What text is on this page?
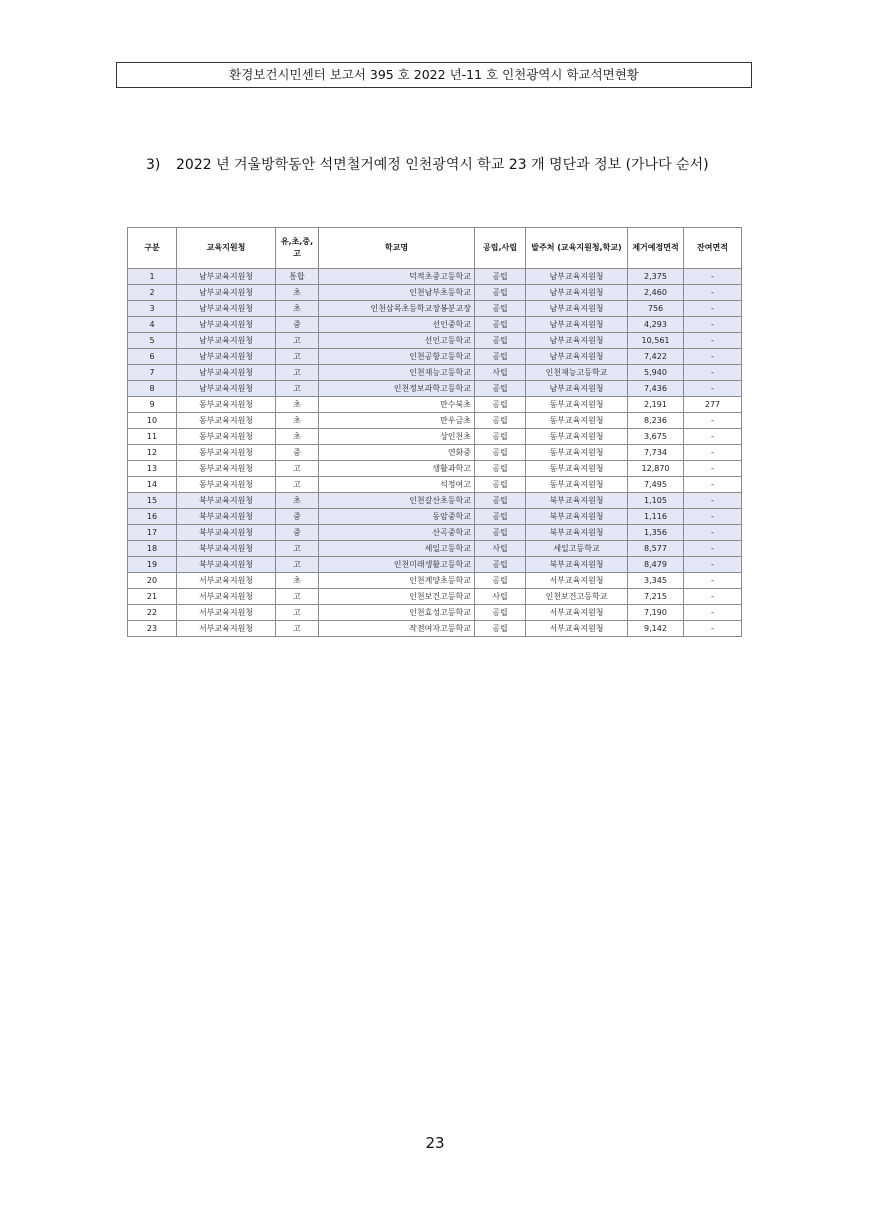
환경보건시민센터 보고서 395 호 2022 년-11 호 인천광역시 학교석면현황
3) 2022 년 겨울방학동안 석면철거예정 인천광역시 학교 23 개 명단과 정보 (가나다 순서)
구분	교육지원청	유,초,중,고	학교명	공립,사립	발주처 (교육지원청,학교)	제거예정면적	잔여면적
1	남부교육지원청	통합	덕적초중고등학교	공립	남부교육지원청	2,375	-
2	남부교육지원청	초	인천남부초등학교	공립	남부교육지원청	2,460	-
3	남부교육지원청	초	인천삼목초등학교장봉분교장	공립	남부교육지원청	756	-
4	남부교육지원청	중	선인중학교	공립	남부교육지원청	4,293	-
5	남부교육지원청	고	선인고등학교	공립	남부교육지원청	10,561	-
6	남부교육지원청	고	인천공항고등학교	공립	남부교육지원청	7,422	-
7	남부교육지원청	고	인천재능고등학교	사립	인천재능고등학교	5,940	-
8	남부교육지원청	고	인천정보과학고등학교	공립	남부교육지원청	7,436	-
9	동부교육지원청	초	만수북초	공립	동부교육지원청	2,191	277
10	동부교육지원청	초	만우금초	공립	동부교육지원청	8,236	-
11	동부교육지원청	초	상인천초	공립	동부교육지원청	3,675	-
12	동부교육지원청	중	연화중	공립	동부교육지원청	7,734	-
13	동부교육지원청	고	생활과학고	공립	동부교육지원청	12,870	-
14	동부교육지원청	고	석정여고	공립	동부교육지원청	7,495	-
15	북부교육지원청	초	인천갈산초등학교	공립	북부교육지원청	1,105	-
16	북부교육지원청	중	동암중학교	공립	북부교육지원청	1,116	-
17	북부교육지원청	중	산곡중학교	공립	북부교육지원청	1,356	-
18	북부교육지원청	고	세일고등학교	사립	세일고등학교	8,577	-
19	북부교육지원청	고	인천미래생활고등학교	공립	북부교육지원청	8,479	-
20	서부교육지원청	초	인천계양초등학교	공립	서부교육지원청	3,345	-
21	서부교육지원청	고	인천보건고등학교	사립	인천보건고등학교	7,215	-
22	서부교육지원청	고	인천효성고등학교	공립	서부교육지원청	7,190	-
23	서부교육지원청	고	작전여자고등학교	공립	서부교육지원청	9,142	-
23
